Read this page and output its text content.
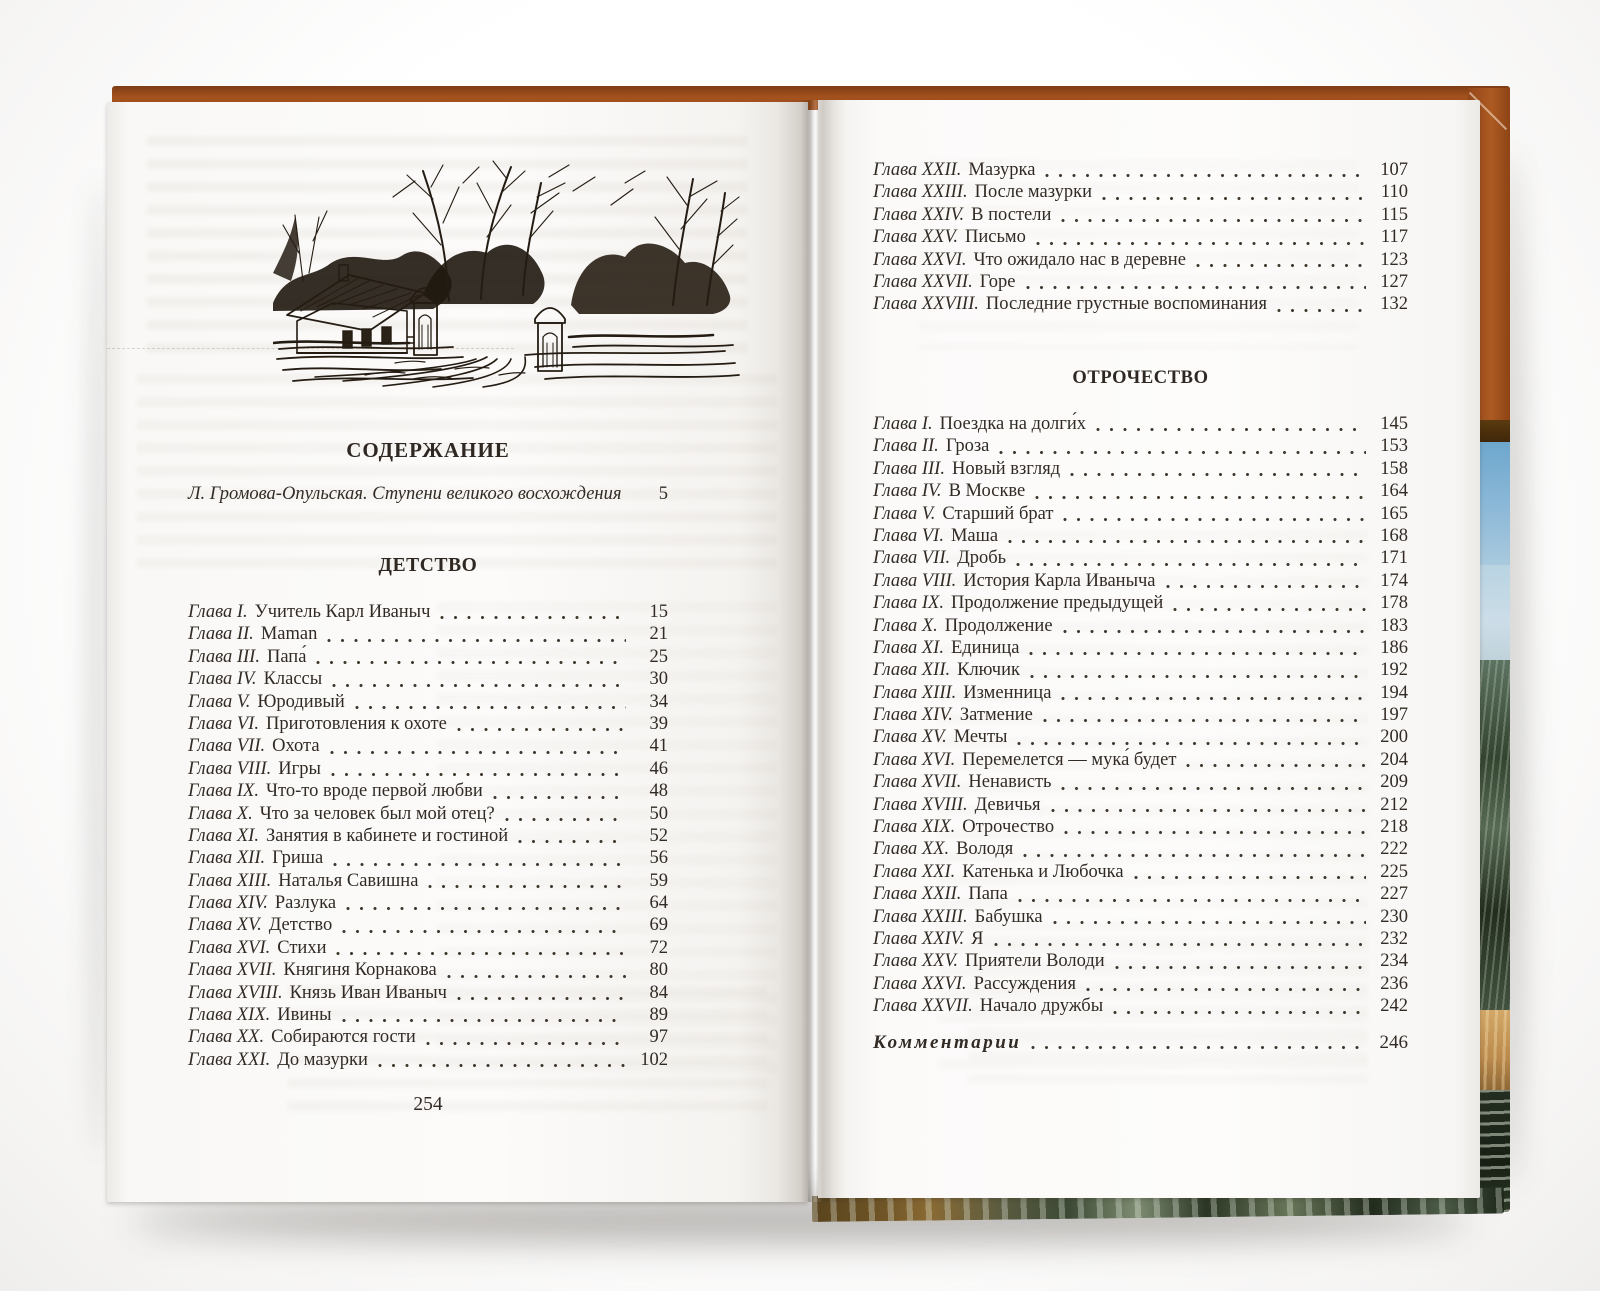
СОДЕРЖАНИЕ
Л. Громова-Опульская. Ступени великого восхождения	5
ДЕТСТВО
Глава I. Учитель Карл Иваныч	15
Глава II. Maman	21
Глава III. Папа́	25
Глава IV. Классы	30
Глава V. Юродивый	34
Глава VI. Приготовления к охоте	39
Глава VII. Охота	41
Глава VIII. Игры	46
Глава IX. Что-то вроде первой любви	48
Глава X. Что за человек был мой отец?	50
Глава XI. Занятия в кабинете и гостиной	52
Глава XII. Гриша	56
Глава XIII. Наталья Савишна	59
Глава XIV. Разлука	64
Глава XV. Детство	69
Глава XVI. Стихи	72
Глава XVII. Княгиня Корнакова	80
Глава XVIII. Князь Иван Иваныч	84
Глава XIX. Ивины	89
Глава XX. Собираются гости	97
Глава XXI. До мазурки	102
254
Глава XXII. Мазурка	107
Глава XXIII. После мазурки	110
Глава XXIV. В постели	115
Глава XXV. Письмо	117
Глава XXVI. Что ожидало нас в деревне	123
Глава XXVII. Горе	127
Глава XXVIII. Последние грустные воспоминания	132
ОТРОЧЕСТВО
Глава I. Поездка на долги́х	145
Глава II. Гроза	153
Глава III. Новый взгляд	158
Глава IV. В Москве	164
Глава V. Старший брат	165
Глава VI. Маша	168
Глава VII. Дробь	171
Глава VIII. История Карла Иваныча	174
Глава IX. Продолжение предыдущей	178
Глава X. Продолжение	183
Глава XI. Единица	186
Глава XII. Ключик	192
Глава XIII. Изменница	194
Глава XIV. Затмение	197
Глава XV. Мечты	200
Глава XVI. Перемелется — мука́ будет	204
Глава XVII. Ненависть	209
Глава XVIII. Девичья	212
Глава XIX. Отрочество	218
Глава XX. Володя	222
Глава XXI. Катенька и Любочка	225
Глава XXII. Папа	227
Глава XXIII. Бабушка	230
Глава XXIV. Я	232
Глава XXV. Приятели Володи	234
Глава XXVI. Рассуждения	236
Глава XXVII. Начало дружбы	242
Комментарии	246
